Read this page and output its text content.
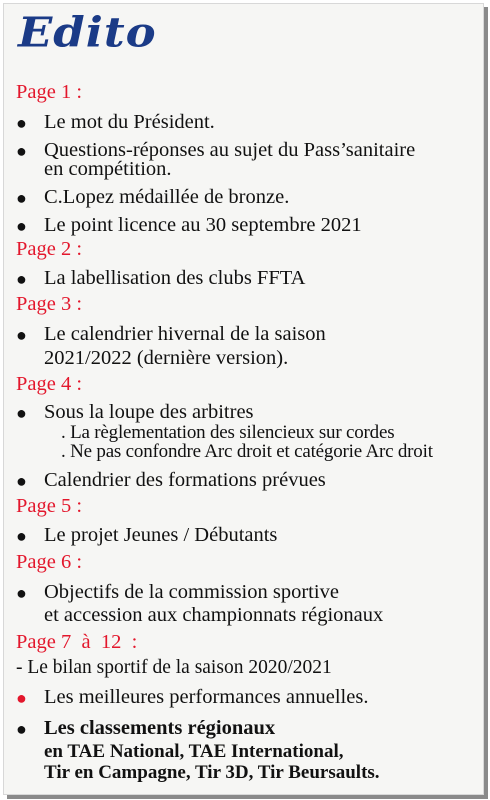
Edito
Page 1 :
● Le mot du Président.
● Questions-réponses au sujet du Pass’sanitaire
en compétition.
● C.Lopez médaillée de bronze.
● Le point licence au 30 septembre 2021
Page 2 :
● La labellisation des clubs FFTA
Page 3 :
● Le calendrier hivernal de la saison
2021/2022 (dernière version).
Page 4 :
● Sous la loupe des arbitres
. La règlementation des silencieux sur cordes
. Ne pas confondre Arc droit et catégorie Arc droit
● Calendrier des formations prévues
Page 5 :
● Le projet Jeunes / Débutants
Page 6 :
● Objectifs de la commission sportive
et accession aux championnats régionaux
Page 7  à  12  :
- Le bilan sportif de la saison 2020/2021
● Les meilleures performances annuelles.
● Les classements régionaux
en TAE National, TAE International,
Tir en Campagne, Tir 3D, Tir Beursaults.
